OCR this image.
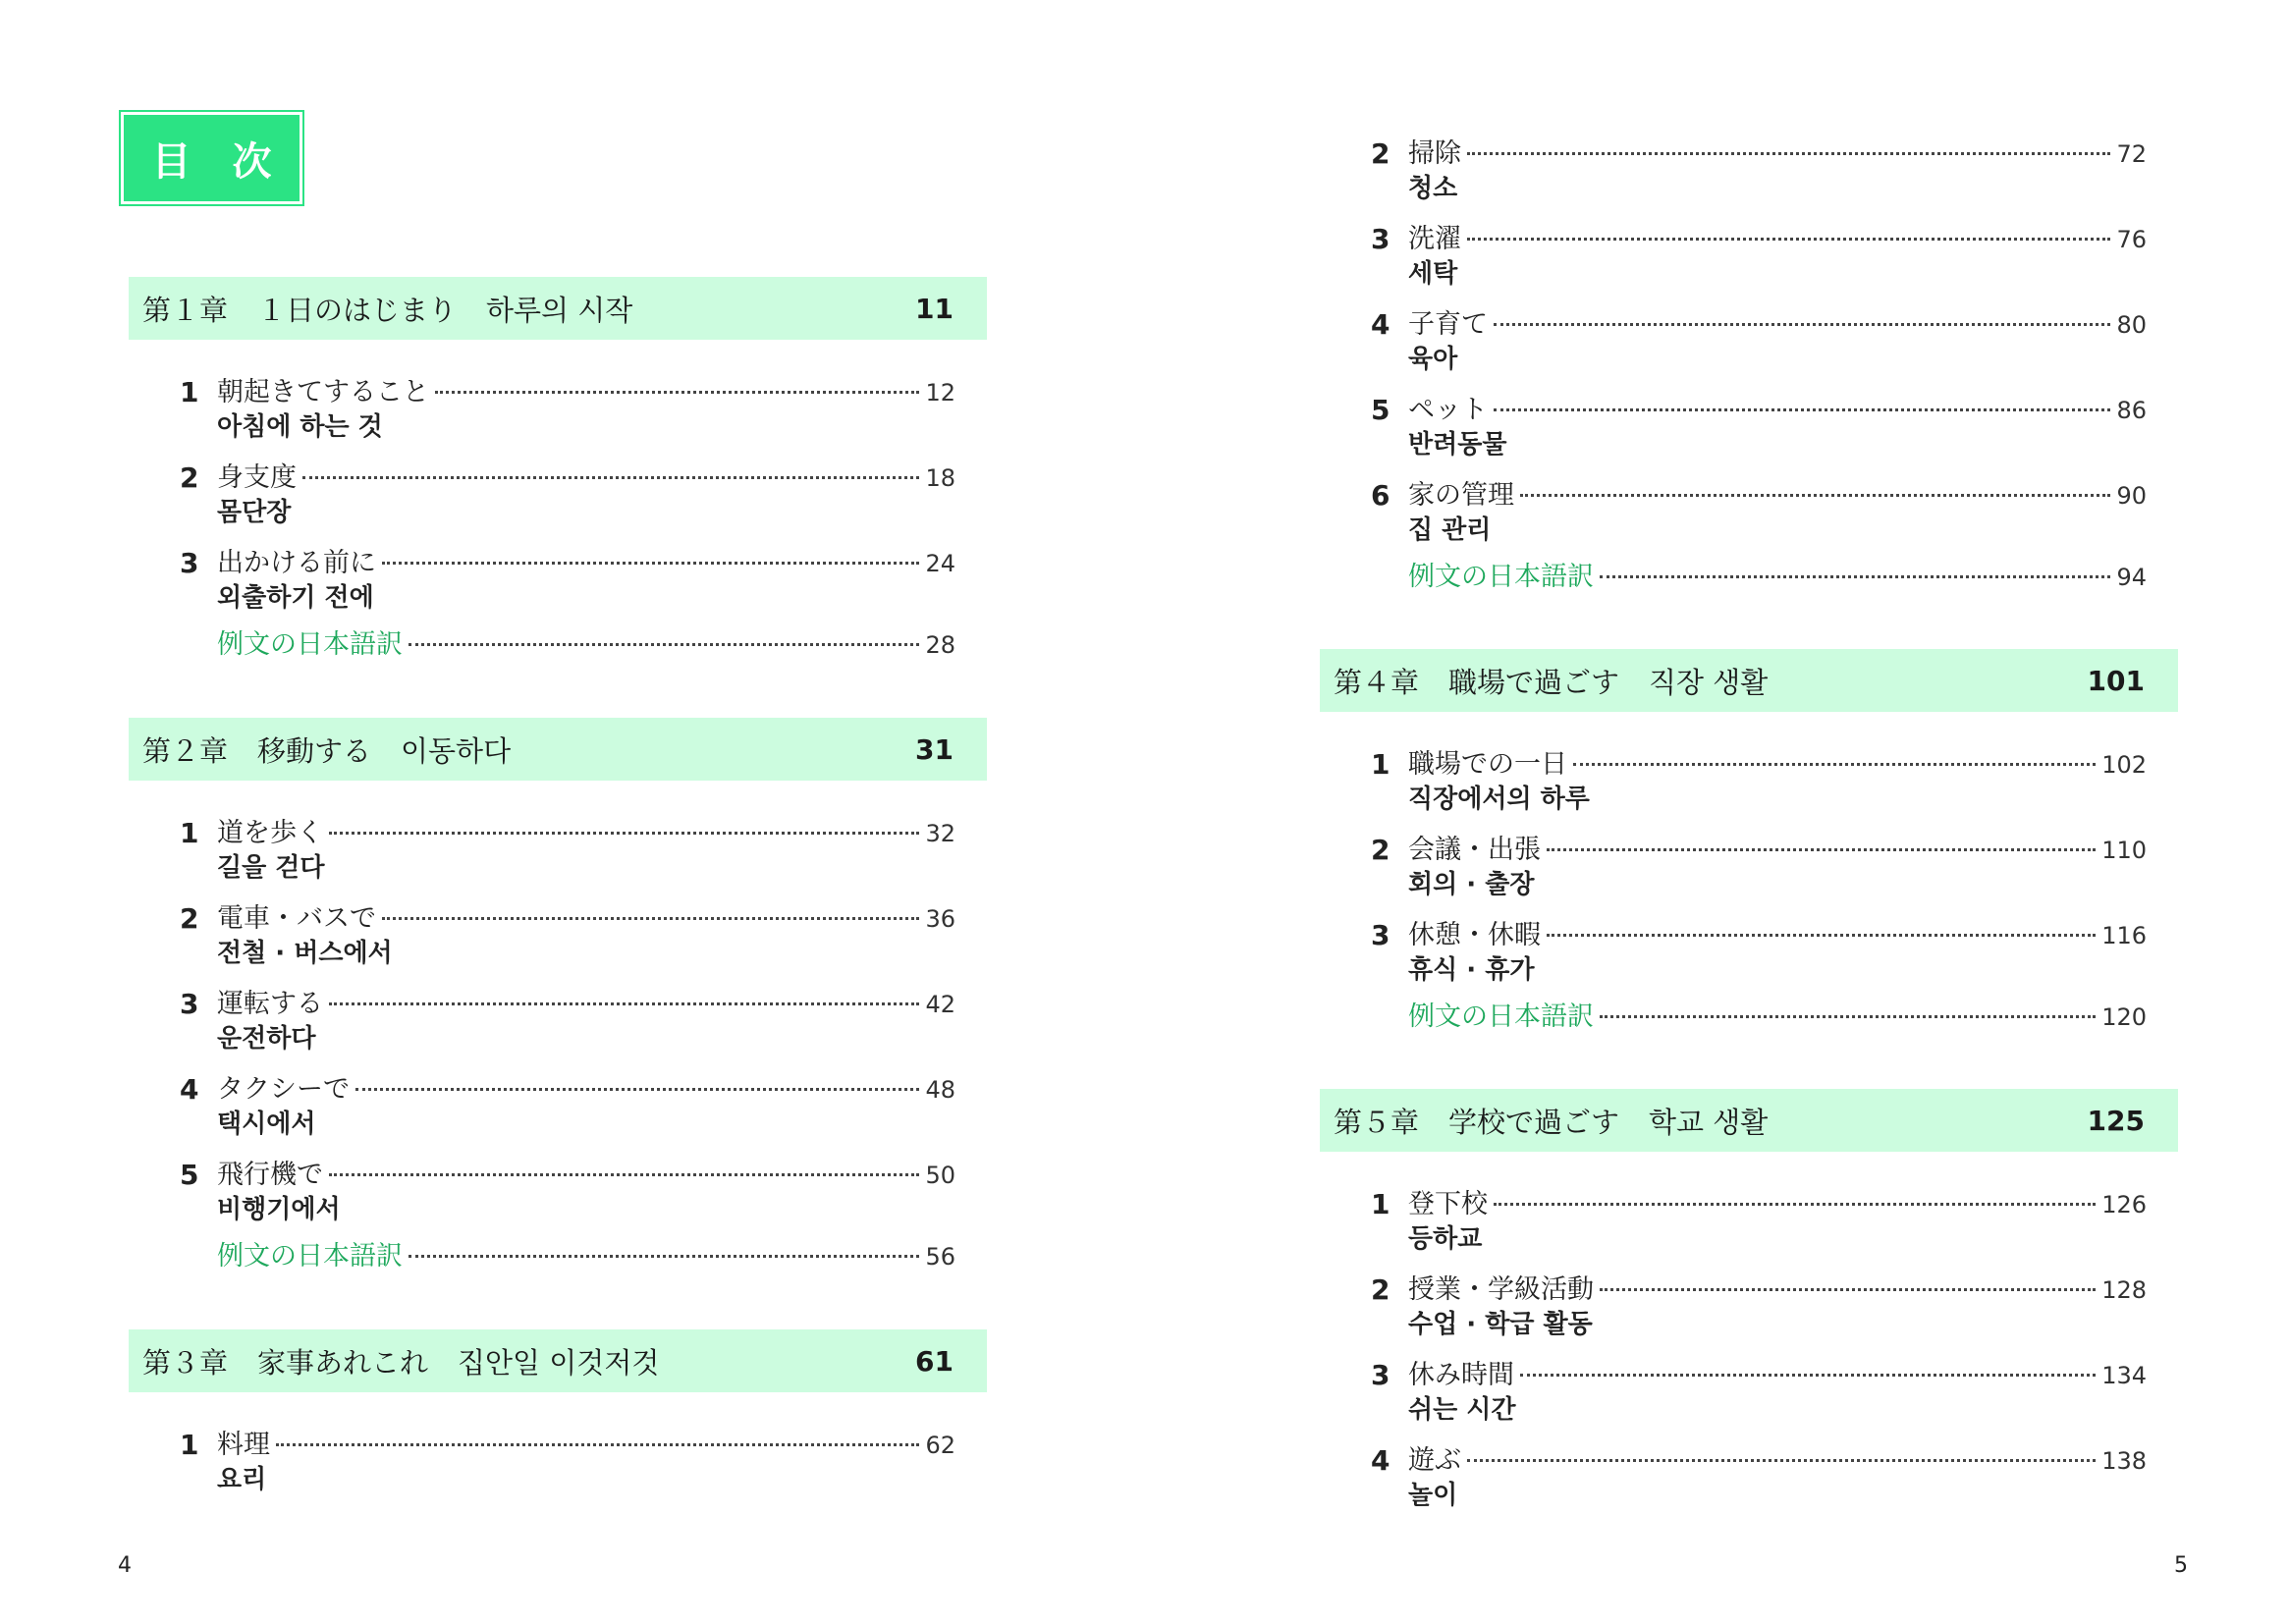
目 次
第１章 １日のはじまり 하루의 시작	11
1 朝起きてすること	12
아침에 하는 것
2 身支度	18
몸단장
3 出かける前に	24
외출하기 전에
例文の日本語訳	28
第２章 移動する 이동하다	31
1 道を歩く	32
길을 걷다
2 電車・バスで	36
전철 · 버스에서
3 運転する	42
운전하다
4 タクシーで	48
택시에서
5 飛行機で	50
비행기에서
例文の日本語訳	56
第３章 家事あれこれ 집안일 이것저것	61
1 料理	62
요리
4
2 掃除	72
청소
3 洗濯	76
세탁
4 子育て	80
육아
5 ペット	86
반려동물
6 家の管理	90
집 관리
例文の日本語訳	94
第４章 職場で過ごす 직장 생활	101
1 職場での一日	102
직장에서의 하루
2 会議・出張	110
회의 · 출장
3 休憩・休暇	116
휴식 · 휴가
例文の日本語訳	120
第５章 学校で過ごす 학교 생활	125
1 登下校	126
등하교
2 授業・学級活動	128
수업 · 학급 활동
3 休み時間	134
쉬는 시간
4 遊ぶ	138
놀이
5
